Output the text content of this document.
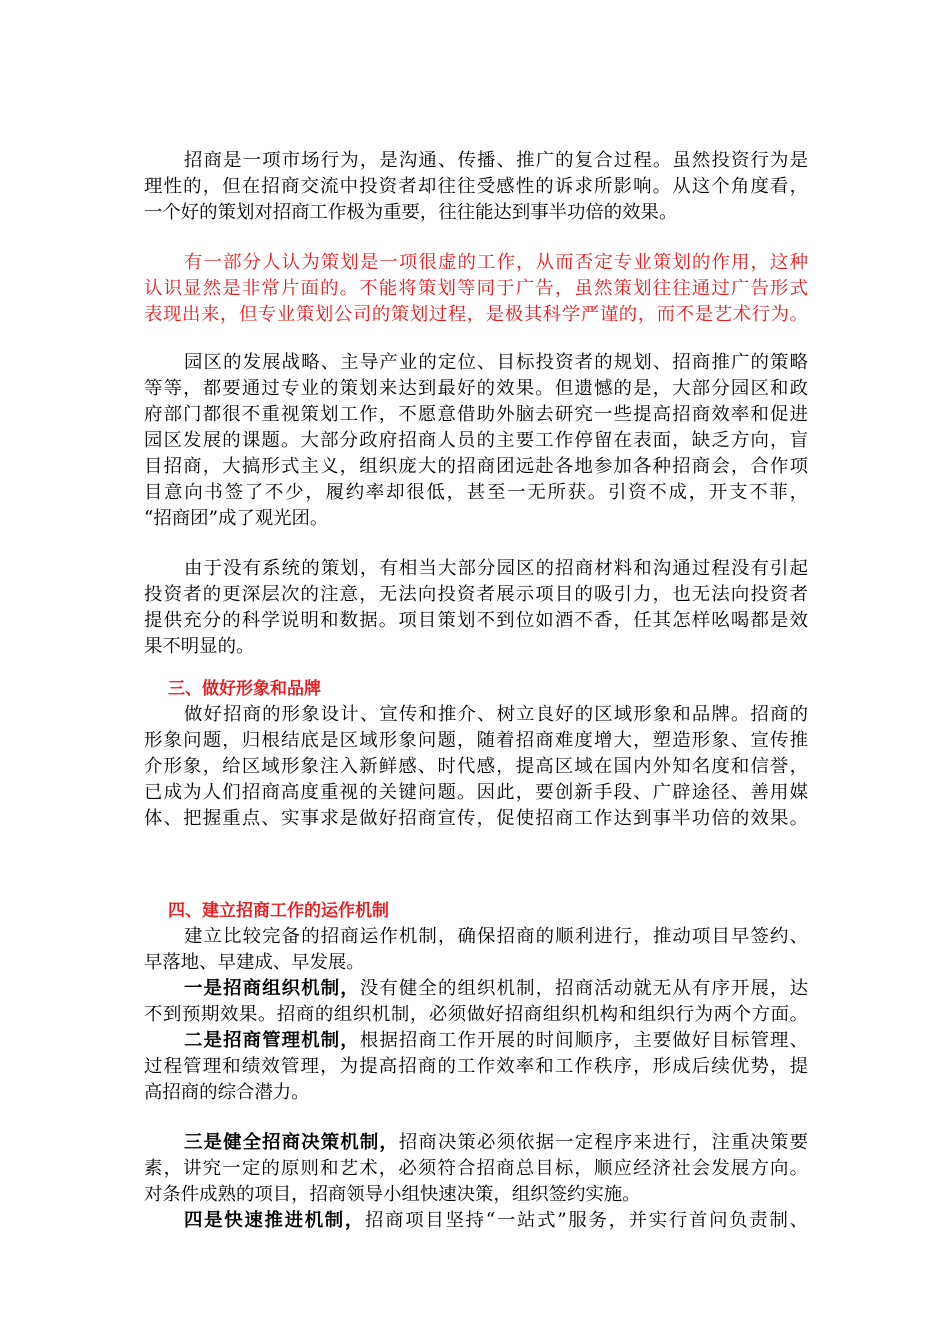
招商是一项市场行为，是沟通、传播、推广的复合过程。虽然投资行为是
理性的，但在招商交流中投资者却往往受感性的诉求所影响。从这个角度看，
一个好的策划对招商工作极为重要，往往能达到事半功倍的效果。
有一部分人认为策划是一项很虚的工作，从而否定专业策划的作用，这种
认识显然是非常片面的。不能将策划等同于广告，虽然策划往往通过广告形式
表现出来，但专业策划公司的策划过程，是极其科学严谨的，而不是艺术行为。
园区的发展战略、主导产业的定位、目标投资者的规划、招商推广的策略
等等，都要通过专业的策划来达到最好的效果。但遗憾的是，大部分园区和政
府部门都很不重视策划工作，不愿意借助外脑去研究一些提高招商效率和促进
园区发展的课题。大部分政府招商人员的主要工作停留在表面，缺乏方向，盲
目招商，大搞形式主义，组织庞大的招商团远赴各地参加各种招商会，合作项
目意向书签了不少，履约率却很低，甚至一无所获。引资不成，开支不菲，
“招商团”成了观光团。
由于没有系统的策划，有相当大部分园区的招商材料和沟通过程没有引起
投资者的更深层次的注意，无法向投资者展示项目的吸引力，也无法向投资者
提供充分的科学说明和数据。项目策划不到位如酒不香，任其怎样吆喝都是效
果不明显的。
三、做好形象和品牌
做好招商的形象设计、宣传和推介、树立良好的区域形象和品牌。招商的
形象问题，归根结底是区域形象问题，随着招商难度增大，塑造形象、宣传推
介形象，给区域形象注入新鲜感、时代感，提高区域在国内外知名度和信誉，
已成为人们招商高度重视的关键问题。因此，要创新手段、广辟途径、善用媒
体、把握重点、实事求是做好招商宣传，促使招商工作达到事半功倍的效果。
四、建立招商工作的运作机制
建立比较完备的招商运作机制，确保招商的顺利进行，推动项目早签约、
早落地、早建成、早发展。
一是招商组织机制，没有健全的组织机制，招商活动就无从有序开展，达
不到预期效果。招商的组织机制，必须做好招商组织机构和组织行为两个方面。
二是招商管理机制，根据招商工作开展的时间顺序，主要做好目标管理、
过程管理和绩效管理，为提高招商的工作效率和工作秩序，形成后续优势，提
高招商的综合潜力。
三是健全招商决策机制，招商决策必须依据一定程序来进行，注重决策要
素，讲究一定的原则和艺术，必须符合招商总目标，顺应经济社会发展方向。
对条件成熟的项目，招商领导小组快速决策，组织签约实施。
四是快速推进机制，招商项目坚持“一站式”服务，并实行首问负责制、
